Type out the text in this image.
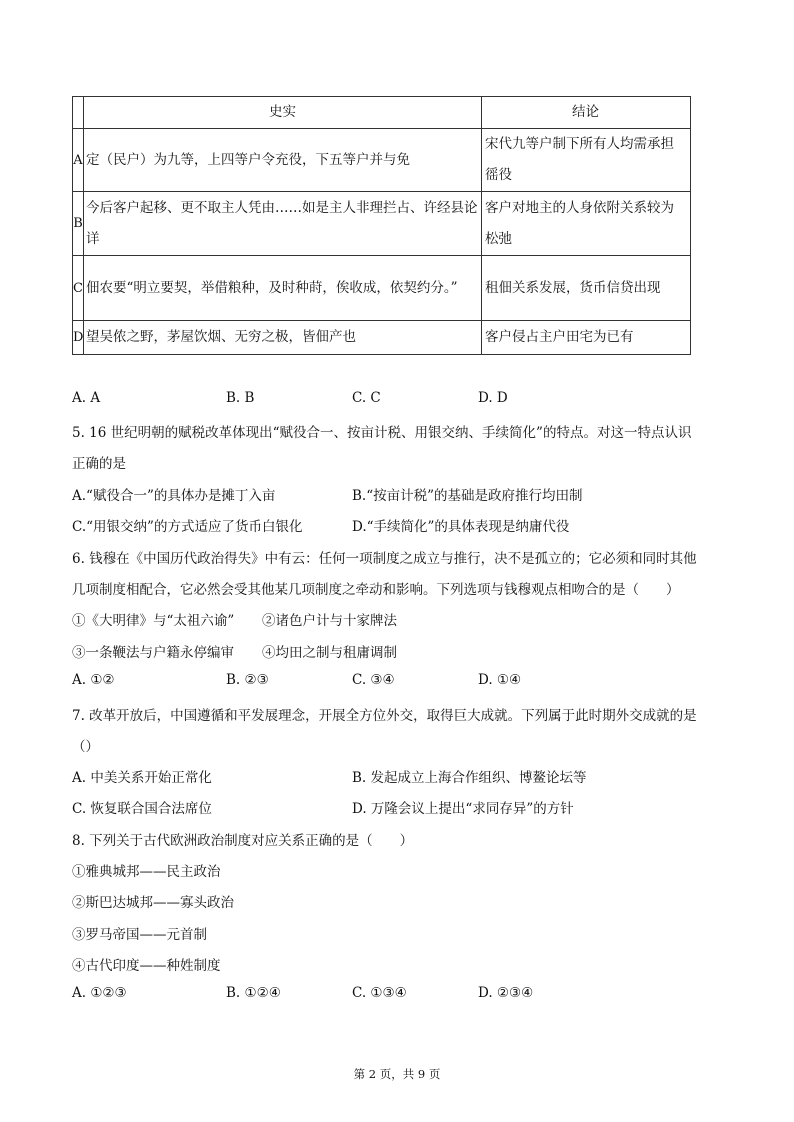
	史实	结论
A	定（民户）为九等，上四等户令充役，下五等户并与免	宋代九等户制下所有人均需承担徭役
B	今后客户起移、更不取主人凭由……如是主人非理拦占、许经县论详	客户对地主的人身依附关系较为松弛
C	佃农要“明立要契，举借粮种，及时种莳，俟收成，依契约分。”	租佃关系发展，货币信贷出现
D	望吴侬之野，茅屋饮烟、无穷之极，皆佃产也	客户侵占主户田宅为已有
A. A	B. B	C. C	D. D
5. 16 世纪明朝的赋税改革体现出“赋役合一、按亩计税、用银交纳、手续简化”的特点。对这一特点认识
正确的是
A.“赋役合一”的具体办是摊丁入亩	B.“按亩计税”的基础是政府推行均田制
C.“用银交纳”的方式适应了货币白银化	D.“手续简化”的具体表现是纳庸代役
6. 钱穆在《中国历代政治得失》中有云：任何一项制度之成立与推行，决不是孤立的；它必须和同时其他
几项制度相配合，它必然会受其他某几项制度之牵动和影响。下列选项与钱穆观点相吻合的是（　　）
①《大明律》与“太祖六谕” ②诸色户计与十家牌法
③一条鞭法与户籍永停编审 ④均田之制与租庸调制
A. ①②	B. ②③	C. ③④	D. ①④
7. 改革开放后，中国遵循和平发展理念，开展全方位外交，取得巨大成就。下列属于此时期外交成就的是
（）
A. 中美关系开始正常化	B. 发起成立上海合作组织、博鳌论坛等
C. 恢复联合国合法席位	D. 万隆会议上提出“求同存异”的方针
8. 下列关于古代欧洲政治制度对应关系正确的是（　　）
①雅典城邦——民主政治
②斯巴达城邦——寡头政治
③罗马帝国——元首制
④古代印度——种姓制度
A. ①②③	B. ①②④	C. ①③④	D. ②③④
第 2 页，共 9 页
